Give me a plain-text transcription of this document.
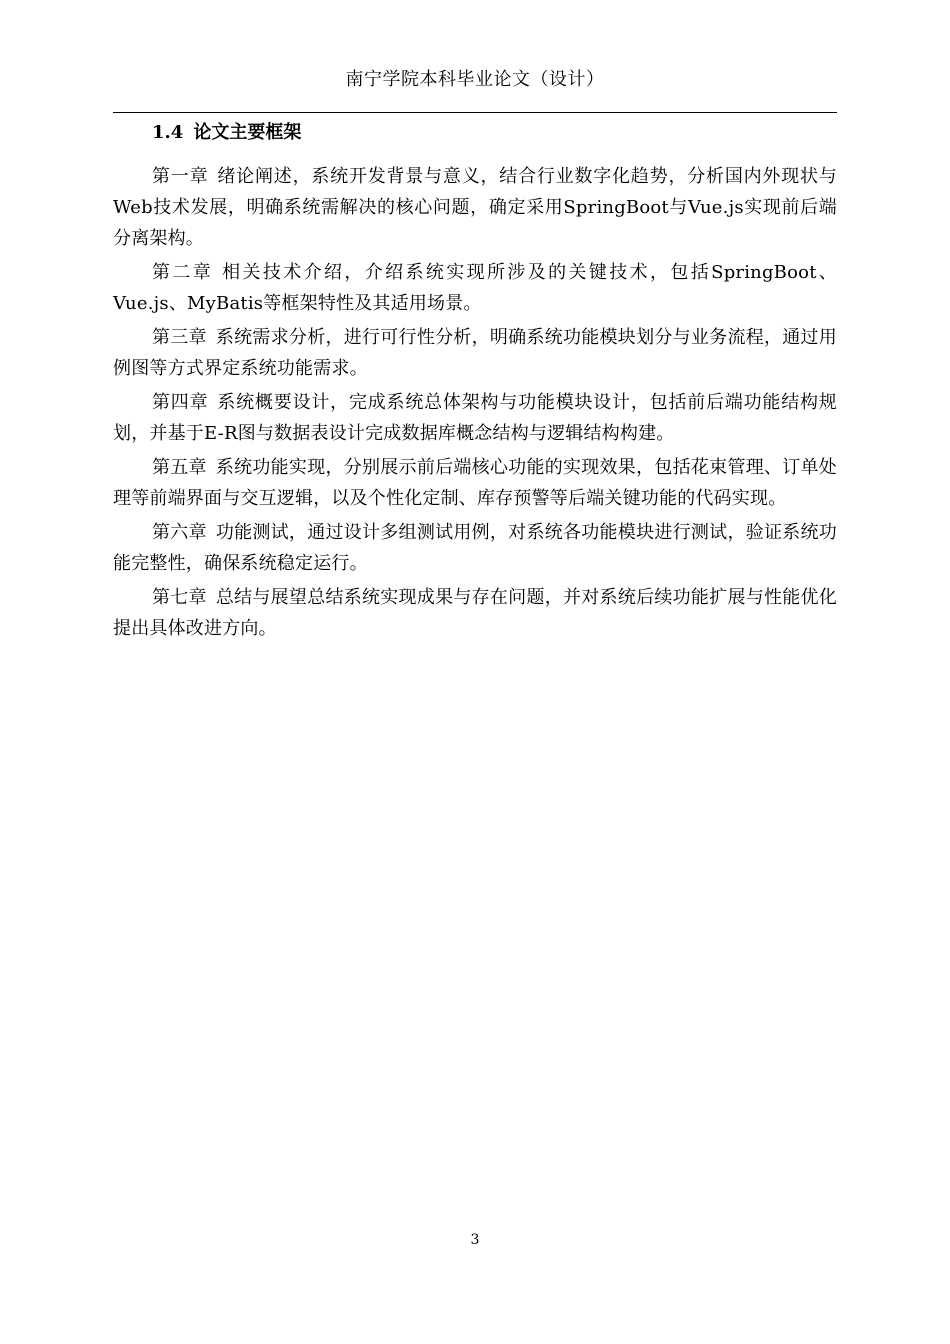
南宁学院本科毕业论文（设计）
1.4 论文主要框架

第一章 绪论阐述，系统开发背景与意义，结合行业数字化趋势，分析国内外现状与Web技术发展，明确系统需解决的核心问题，确定采用SpringBoot与Vue.js实现前后端分离架构。

第二章 相关技术介绍，介绍系统实现所涉及的关键技术，包括SpringBoot、Vue.js、MyBatis等框架特性及其适用场景。

第三章 系统需求分析，进行可行性分析，明确系统功能模块划分与业务流程，通过用例图等方式界定系统功能需求。

第四章 系统概要设计，完成系统总体架构与功能模块设计，包括前后端功能结构规划，并基于E-R图与数据表设计完成数据库概念结构与逻辑结构构建。

第五章 系统功能实现，分别展示前后端核心功能的实现效果，包括花束管理、订单处理等前端界面与交互逻辑，以及个性化定制、库存预警等后端关键功能的代码实现。

第六章 功能测试，通过设计多组测试用例，对系统各功能模块进行测试，验证系统功能完整性，确保系统稳定运行。

第七章 总结与展望总结系统实现成果与存在问题，并对系统后续功能扩展与性能优化提出具体改进方向。

3
